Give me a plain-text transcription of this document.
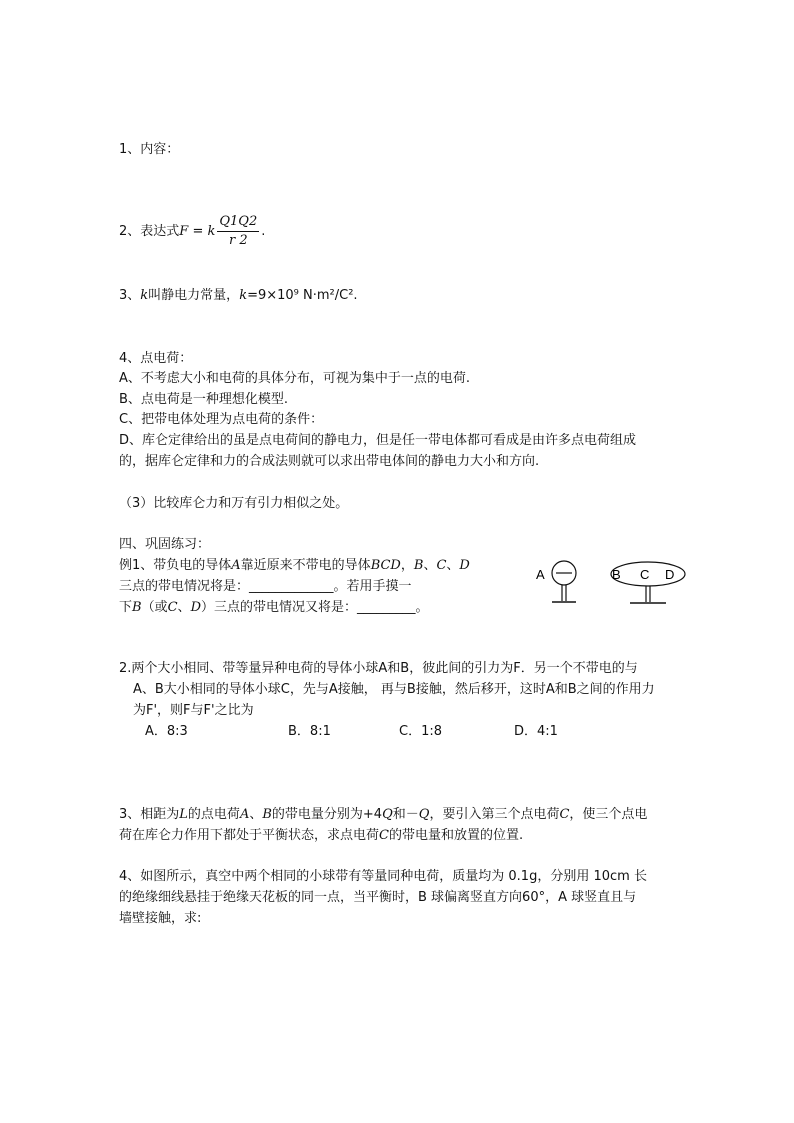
1、内容：
2、表达式F = k $\frac{Q1Q2}{r 2}$ .
3、k叫静电力常量，k=9×10⁹ N·m²/C².
4、点电荷：
A、不考虑大小和电荷的具体分布，可视为集中于一点的电荷.
B、点电荷是一种理想化模型.
C、把带电体处理为点电荷的条件：
D、库仑定律给出的虽是点电荷间的静电力，但是任一带电体都可看成是由许多点电荷组成
的，据库仑定律和力的合成法则就可以求出带电体间的静电力大小和方向.
（3）比较库仑力和万有引力相似之处。
四、巩固练习：
例1、带负电的导体A靠近原来不带电的导体BCD，B、C、D
三点的带电情况将是：_____________。若用手摸一
下B（或C、D）三点的带电情况又将是：_________。
A	B C D
2.两个大小相同、带等量异种电荷的导体小球A和B，彼此间的引力为F．另一个不带电的与
A、B大小相同的导体小球C，先与A接触， 再与B接触，然后移开，这时A和B之间的作用力
为F'，则F与F'之比为
A．8:3	B．8:1	C．1:8	D．4:1
3、相距为L的点电荷A、B的带电量分别为+4Q和－Q，要引入第三个点电荷C，使三个点电
荷在库仑力作用下都处于平衡状态，求点电荷C的带电量和放置的位置.
4、如图所示，真空中两个相同的小球带有等量同种电荷，质量均为 0.1g，分别用 10cm 长
的绝缘细线悬挂于绝缘天花板的同一点，当平衡时，B 球偏离竖直方向60°，A 球竖直且与
墙壁接触，求:
